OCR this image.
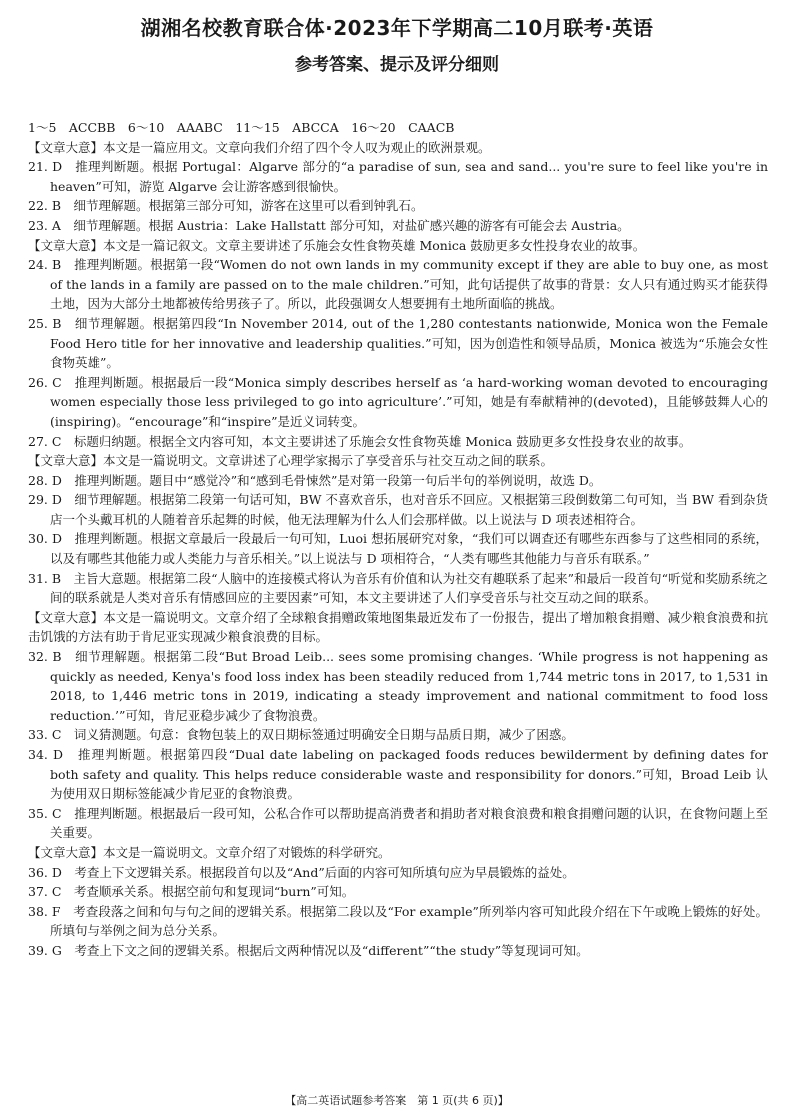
湖湘名校教育联合体·2023年下学期高二10月联考·英语
参考答案、提示及评分细则

1～5　ACCBB　6～10　AAABC　11～15　ABCCA　16～20　CAACB

【文章大意】本文是一篇应用文。文章向我们介绍了四个令人叹为观止的欧洲景观。

21. D　推理判断题。根据 Portugal：Algarve 部分的“a paradise of sun, sea and sand... you're sure to feel like you're in heaven”可知，游览 Algarve 会让游客感到很愉快。

22. B　细节理解题。根据第三部分可知，游客在这里可以看到钟乳石。

23. A　细节理解题。根据 Austria：Lake Hallstatt 部分可知，对盐矿感兴趣的游客有可能会去 Austria。

【文章大意】本文是一篇记叙文。文章主要讲述了乐施会女性食物英雄 Monica 鼓励更多女性投身农业的故事。

24. B　推理判断题。根据第一段“Women do not own lands in my community except if they are able to buy one, as most of the lands in a family are passed on to the male children.”可知，此句话提供了故事的背景：女人只有通过购买才能获得土地，因为大部分土地都被传给男孩子了。所以，此段强调女人想要拥有土地所面临的挑战。

25. B　细节理解题。根据第四段“In November 2014, out of the 1,280 contestants nationwide, Monica won the Female Food Hero title for her innovative and leadership qualities.”可知，因为创造性和领导品质，Monica 被选为“乐施会女性食物英雄”。

26. C　推理判断题。根据最后一段“Monica simply describes herself as ‘a hard-working woman devoted to encouraging women especially those less privileged to go into agriculture’.”可知，她是有奉献精神的(devoted)，且能够鼓舞人心的(inspiring)。“encourage”和“inspire”是近义词转变。

27. C　标题归纳题。根据全文内容可知，本文主要讲述了乐施会女性食物英雄 Monica 鼓励更多女性投身农业的故事。

【文章大意】本文是一篇说明文。文章讲述了心理学家揭示了享受音乐与社交互动之间的联系。

28. D　推理判断题。题目中“感觉冷”和“感到毛骨悚然”是对第一段第一句后半句的举例说明，故选 D。

29. D　细节理解题。根据第二段第一句话可知，BW 不喜欢音乐，也对音乐不回应。又根据第三段倒数第二句可知，当 BW 看到杂货店一个头戴耳机的人随着音乐起舞的时候，他无法理解为什么人们会那样做。以上说法与 D 项表述相符合。

30. D　推理判断题。根据文章最后一段最后一句可知，Luoi 想拓展研究对象，“我们可以调查还有哪些东西参与了这些相同的系统，以及有哪些其他能力或人类能力与音乐相关。”以上说法与 D 项相符合，“人类有哪些其他能力与音乐有联系。”

31. B　主旨大意题。根据第二段“人脑中的连接模式将认为音乐有价值和认为社交有趣联系了起来”和最后一段首句“听觉和奖励系统之间的联系就是人类对音乐有情感回应的主要因素”可知，本文主要讲述了人们享受音乐与社交互动之间的联系。

【文章大意】本文是一篇说明文。文章介绍了全球粮食捐赠政策地图集最近发布了一份报告，提出了增加粮食捐赠、减少粮食浪费和抗击饥饿的方法有助于肯尼亚实现减少粮食浪费的目标。

32. B　细节理解题。根据第二段“But Broad Leib... sees some promising changes. ‘While progress is not happening as quickly as needed, Kenya's food loss index has been steadily reduced from 1,744 metric tons in 2017, to 1,531 in 2018, to 1,446 metric tons in 2019, indicating a steady improvement and national commitment to food loss reduction.’”可知，肯尼亚稳步减少了食物浪费。

33. C　词义猜测题。句意：食物包装上的双日期标签通过明确安全日期与品质日期，减少了困惑。

34. D　推理判断题。根据第四段“Dual date labeling on packaged foods reduces bewilderment by defining dates for both safety and quality. This helps reduce considerable waste and responsibility for donors.”可知，Broad Leib 认为使用双日期标签能减少肯尼亚的食物浪费。

35. C　推理判断题。根据最后一段可知，公私合作可以帮助提高消费者和捐助者对粮食浪费和粮食捐赠问题的认识，在食物问题上至关重要。

【文章大意】本文是一篇说明文。文章介绍了对锻炼的科学研究。

36. D　考查上下文逻辑关系。根据段首句以及“And”后面的内容可知所填句应为早晨锻炼的益处。

37. C　考查顺承关系。根据空前句和复现词“burn”可知。

38. F　考查段落之间和句与句之间的逻辑关系。根据第二段以及“For example”所列举内容可知此段介绍在下午或晚上锻炼的好处。所填句与举例之间为总分关系。

39. G　考查上下文之间的逻辑关系。根据后文两种情况以及“different”“the study”等复现词可知。

【高二英语试题参考答案　第 1 页(共 6 页)】
